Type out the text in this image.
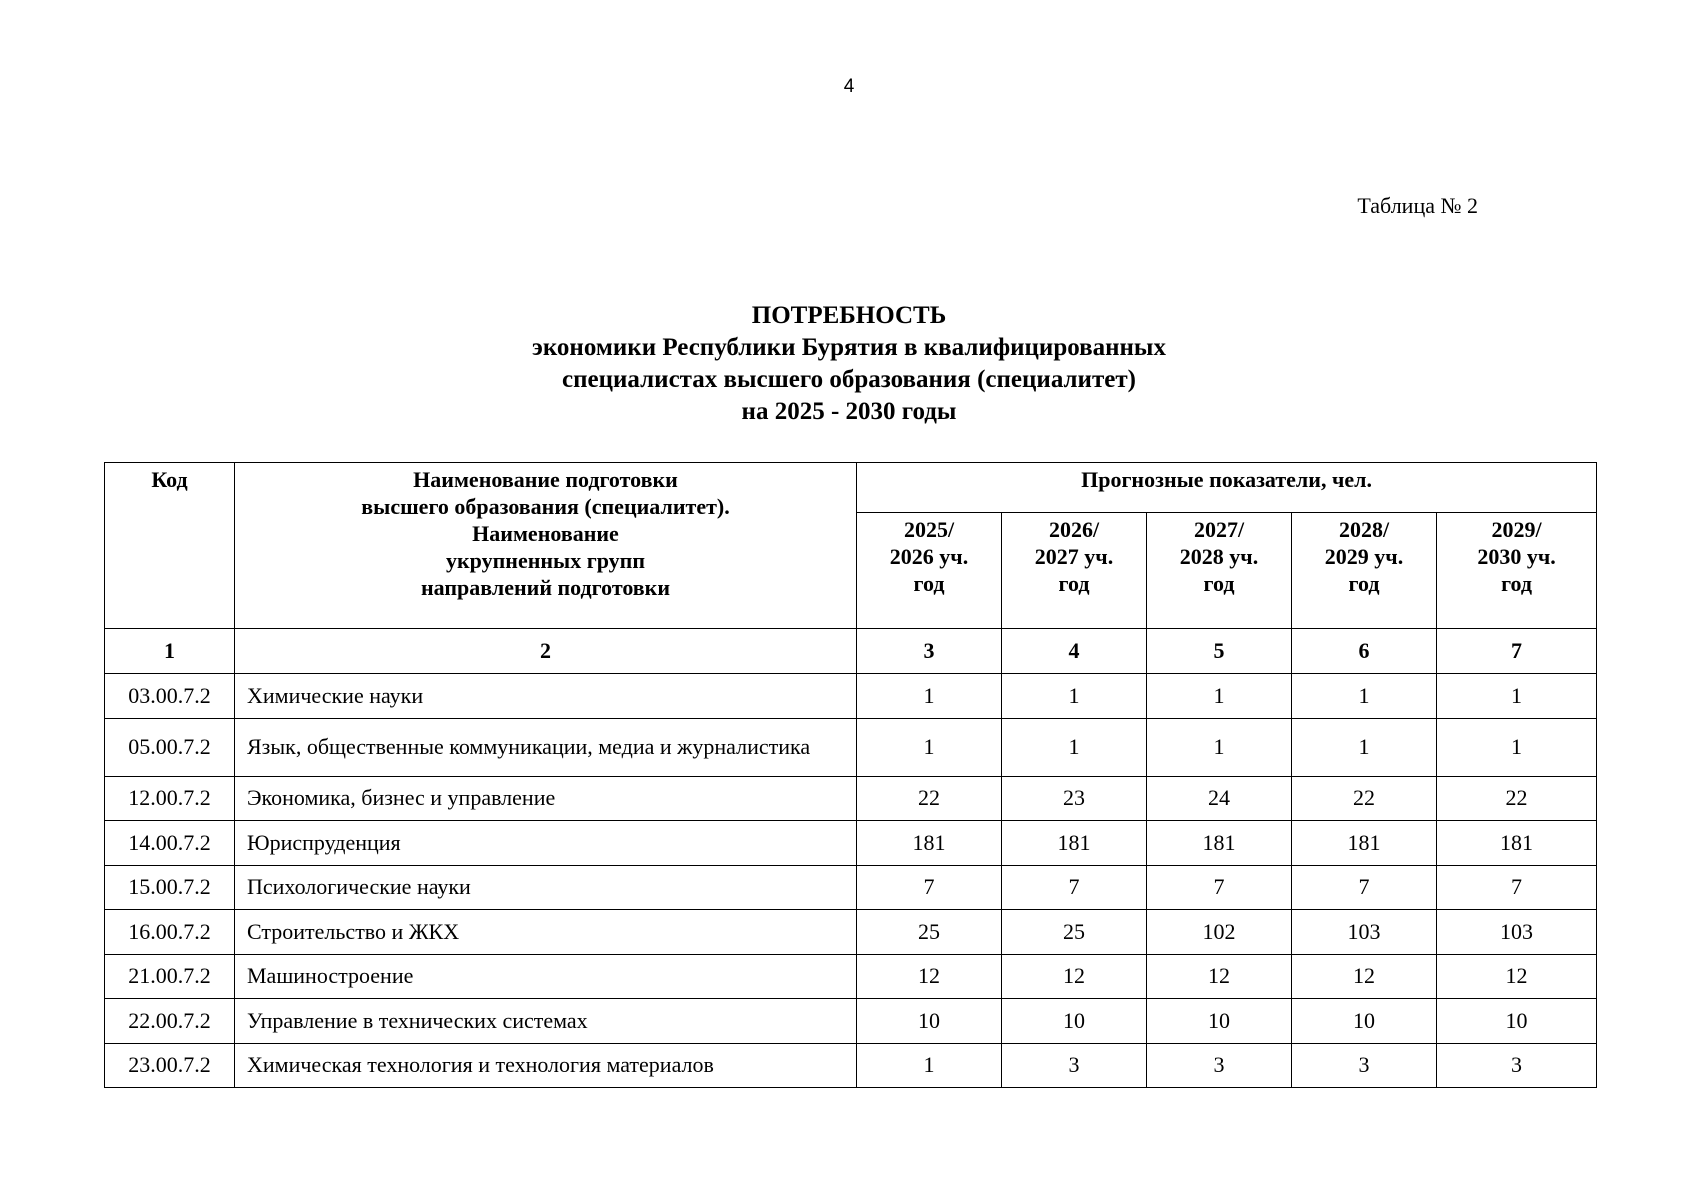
4
Таблица № 2
ПОТРЕБНОСТЬ
экономики Республики Бурятия в квалифицированных
специалистах высшего образования (специалитет)
на 2025 - 2030 годы
Код	Наименование подготовки
высшего образования (специалитет).
Наименование
укрупненных групп
направлений подготовки	Прогнозные показатели, чел.				
		2025/
2026 уч.
год	2026/
2027 уч.
год	2027/
2028 уч.
год	2028/
2029 уч.
год	2029/
2030 уч.
год
1	2	3	4	5	6	7
03.00.7.2	Химические науки	1	1	1	1	1
05.00.7.2	Язык, общественные коммуникации, медиа и журналистика	1	1	1	1	1
12.00.7.2	Экономика, бизнес и управление	22	23	24	22	22
14.00.7.2	Юриспруденция	181	181	181	181	181
15.00.7.2	Психологические науки	7	7	7	7	7
16.00.7.2	Строительство и ЖКХ	25	25	102	103	103
21.00.7.2	Машиностроение	12	12	12	12	12
22.00.7.2	Управление в технических системах	10	10	10	10	10
23.00.7.2	Химическая технология и технология материалов	1	3	3	3	3
